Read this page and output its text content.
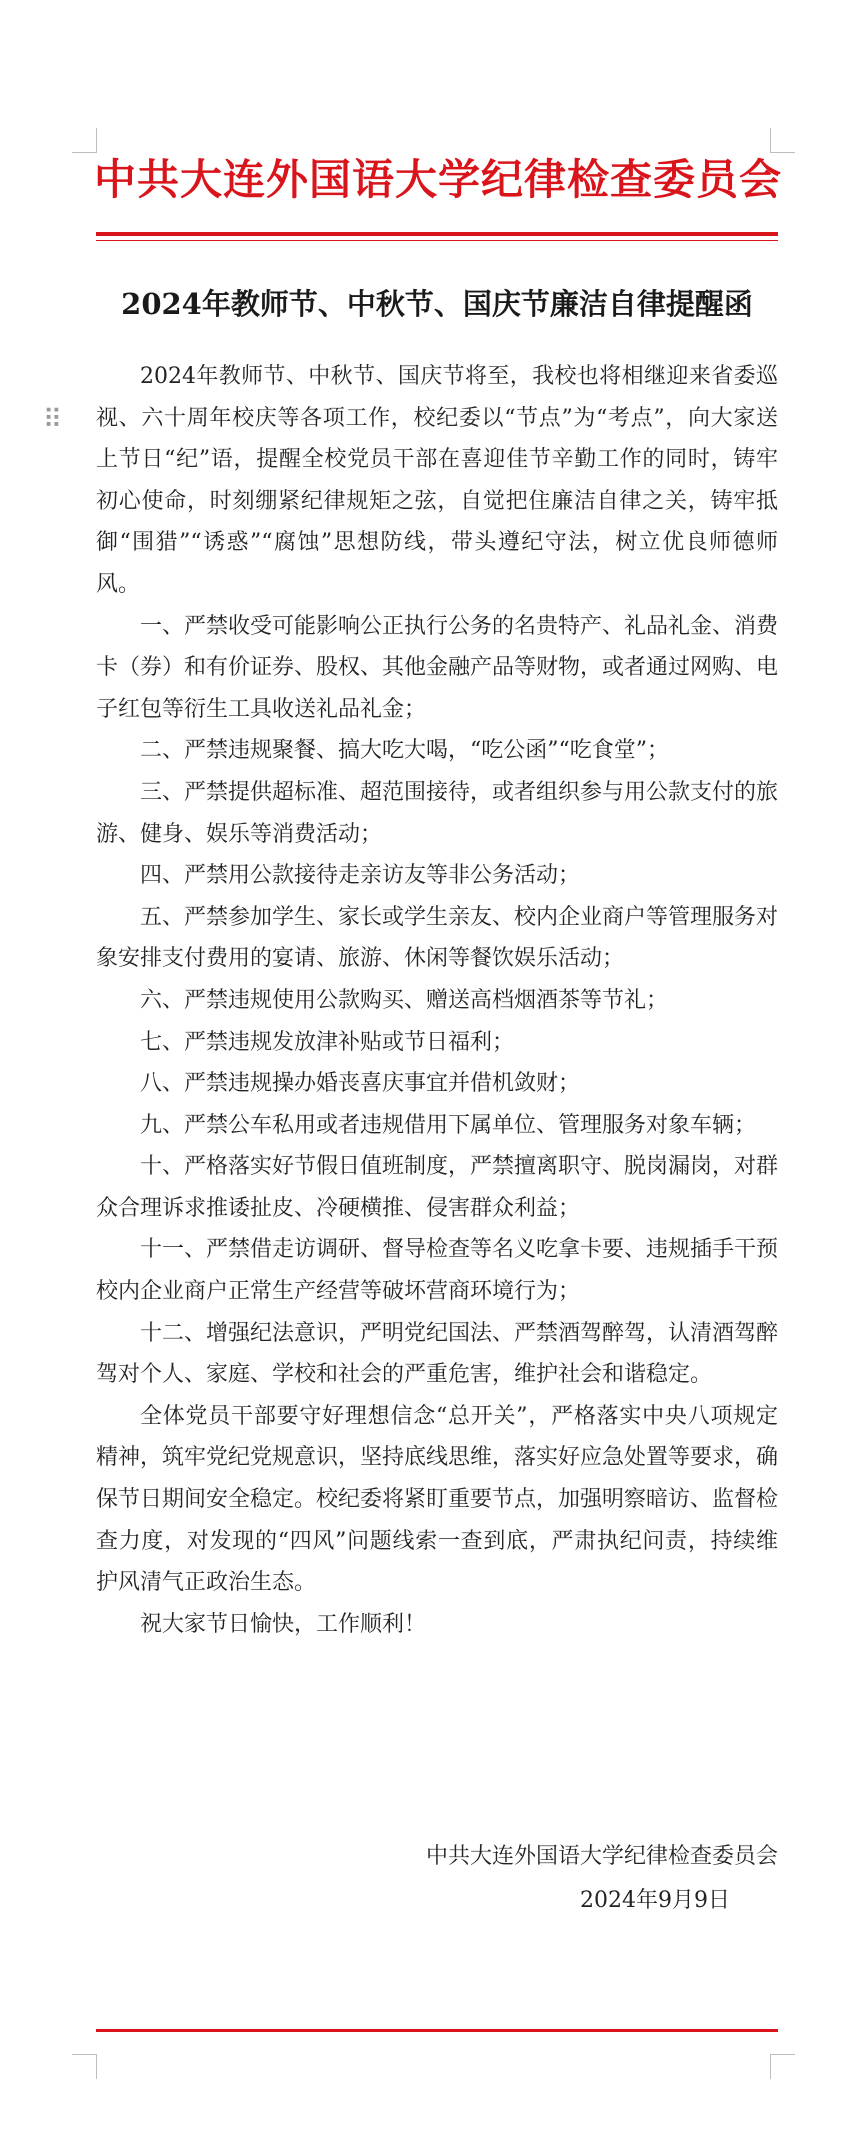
⠿
中共大连外国语大学纪律检查委员会
2024年教师节、中秋节、国庆节廉洁自律提醒函

2024年教师节、中秋节、国庆节将至，我校也将相继迎来省委巡视、六十周年校庆等各项工作，校纪委以“节点”为“考点”，向大家送上节日“纪”语，提醒全校党员干部在喜迎佳节辛勤工作的同时，铸牢初心使命，时刻绷紧纪律规矩之弦，自觉把住廉洁自律之关，铸牢抵御“围猎”“诱惑”“腐蚀”思想防线，带头遵纪守法，树立优良师德师风。

一、严禁收受可能影响公正执行公务的名贵特产、礼品礼金、消费卡（券）和有价证券、股权、其他金融产品等财物，或者通过网购、电子红包等衍生工具收送礼品礼金；

二、严禁违规聚餐、搞大吃大喝，“吃公函”“吃食堂”；

三、严禁提供超标准、超范围接待，或者组织参与用公款支付的旅游、健身、娱乐等消费活动；

四、严禁用公款接待走亲访友等非公务活动；

五、严禁参加学生、家长或学生亲友、校内企业商户等管理服务对象安排支付费用的宴请、旅游、休闲等餐饮娱乐活动；

六、严禁违规使用公款购买、赠送高档烟酒茶等节礼；

七、严禁违规发放津补贴或节日福利；

八、严禁违规操办婚丧喜庆事宜并借机敛财；

九、严禁公车私用或者违规借用下属单位、管理服务对象车辆；

十、严格落实好节假日值班制度，严禁擅离职守、脱岗漏岗，对群众合理诉求推诿扯皮、冷硬横推、侵害群众利益；

十一、严禁借走访调研、督导检查等名义吃拿卡要、违规插手干预校内企业商户正常生产经营等破坏营商环境行为；

十二、增强纪法意识，严明党纪国法、严禁酒驾醉驾，认清酒驾醉驾对个人、家庭、学校和社会的严重危害，维护社会和谐稳定。

全体党员干部要守好理想信念“总开关”，严格落实中央八项规定精神，筑牢党纪党规意识，坚持底线思维，落实好应急处置等要求，确保节日期间安全稳定。校纪委将紧盯重要节点，加强明察暗访、监督检查力度，对发现的“四风”问题线索一查到底，严肃执纪问责，持续维护风清气正政治生态。

祝大家节日愉快，工作顺利！

中共大连外国语大学纪律检查委员会
2024年9月9日
